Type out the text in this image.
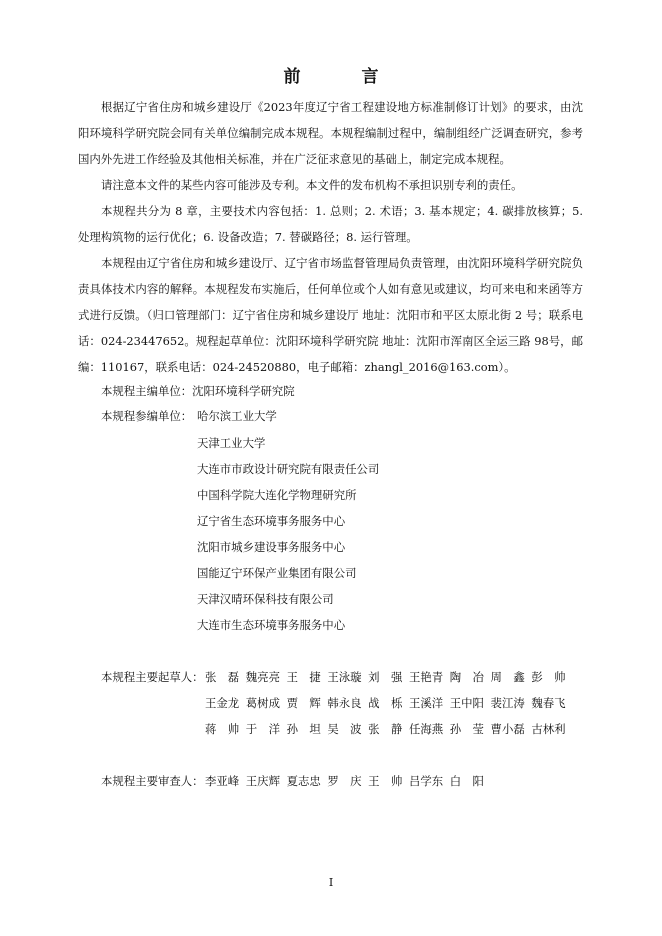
前　言

根据辽宁省住房和城乡建设厅《2023年度辽宁省工程建设地方标准制修订计划》的要求，由沈阳环境科学研究院会同有关单位编制完成本规程。本规程编制过程中，编制组经广泛调查研究，参考国内外先进工作经验及其他相关标准，并在广泛征求意见的基础上，制定完成本规程。

请注意本文件的某些内容可能涉及专利。本文件的发布机构不承担识别专利的责任。

本规程共分为 8 章，主要技术内容包括：1. 总则；2. 术语；3. 基本规定；4. 碳排放核算；5. 处理构筑物的运行优化；6. 设备改造；7. 替碳路径；8. 运行管理。

本规程由辽宁省住房和城乡建设厅、辽宁省市场监督管理局负责管理，由沈阳环境科学研究院负责具体技术内容的解释。本规程发布实施后，任何单位或个人如有意见或建议，均可来电和来函等方式进行反馈。（归口管理部门：辽宁省住房和城乡建设厅 地址：沈阳市和平区太原北街 2 号；联系电话：024-23447652。规程起草单位：沈阳环境科学研究院 地址：沈阳市浑南区全运三路 98号，邮编：110167，联系电话：024-24520880，电子邮箱：zhangl_2016@163.com）。

本规程主编单位：沈阳环境科学研究院
本规程参编单位： 哈尔滨工业大学
天津工业大学
大连市市政设计研究院有限责任公司
中国科学院大连化学物理研究所
辽宁省生态环境事务服务中心
沈阳市城乡建设事务服务中心
国能辽宁环保产业集团有限公司
天津汉晴环保科技有限公司
大连市生态环境事务服务中心
本规程主要起草人： 张　磊 魏亮亮 王　捷 王泳璇 刘　强 王艳青 陶　冶 周　鑫 彭　帅
王金龙 葛树成 贾　辉 韩永良 战　栎 王溪洋 王中阳 裴江涛 魏春飞
蒋　帅 于　洋 孙　坦 吴　波 张　静 任海燕 孙　莹 曹小磊 古林利
本规程主要审查人： 李亚峰 王庆辉 夏志忠 罗　庆 王　帅 吕学东 白　阳
I
